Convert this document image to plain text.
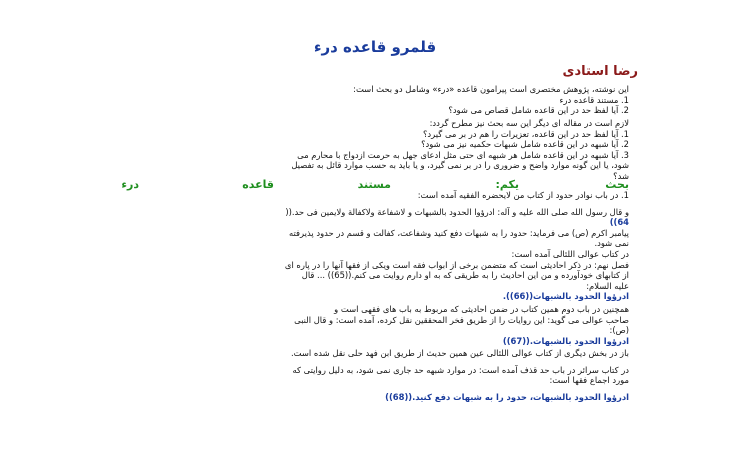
قلمرو قاعده درء
رضا استادی
این نوشته، پژوهش مختصری است پیرامون قاعده «درء» وشامل دو بحث است:
1. مستند قاعده درء
2. آیا لفظ حد در این قاعده شامل قصاص می شود؟
لازم است در مقاله ای دیگر این سه بحث نیز مطرح گردد:
1. آیا لفظ حد در این قاعده، تعزیرات را هم در بر می گیرد؟
2. آیا شبهه در این قاعده شامل شبهات حکمیه نیز می شود؟
3. آیا شبهه در این قاعده شامل هر شبهه ای حتی مثل ادعای جهل به حرمت ازدواج با محارم می
شود، یا این گونه موارد واضح و ضروری را در بر نمی گیرد، و یا باید به حسب موارد قائل به تفصیل
شد؟
بحث
یکم:
مستند
قاعده
درء
1. در باب نوادر حدود از کتاب من لایحضره الفقیه آمده است:
و قال رسول الله صلی الله علیه و آله: ادرؤوا الحدود بالشبهات و لاشفاعة ولاکفالة ولایمین فی حد.((
64))
پیامبر اکرم (ص) می فرماید: حدود را به شبهات دفع کنید وشفاعت، کفالت و قسم در حدود پذیرفته
نمی شود.
در کتاب عوالی اللئالی آمده است:
فصل نهم: در ذکر احادیثی است که متضمن برخی از ابواب فقه است ویکی از فقها آنها را در پاره ای
از کتابهای خودآورده و من این احادیث را به طریقی که به او دارم روایت می کنم.((65)) ... قال
علیه السلام:
ادرؤوا الحدود بالشبهات((66)).
همچنین در باب دوم همین کتاب در ضمن احادیثی که مربوط به باب های فقهی است و
صاحب عوالی می گوید: این روایات را از طریق فخر المحققین نقل کرده، آمده است: و قال النبی
(ص):
ادرؤوا الحدود بالشبهات.((67))
باز در بخش دیگری از کتاب عوالی اللئالی عین همین حدیث از طریق ابن فهد حلی نقل شده است.
در کتاب سرائر در باب حد قذف آمده است: در موارد شبهه حد جاری نمی شود، به دلیل روایتی که
مورد اجماع فقها است:
ادرؤوا الحدود بالشبهات، حدود را به شبهات دفع کنید.((68))
